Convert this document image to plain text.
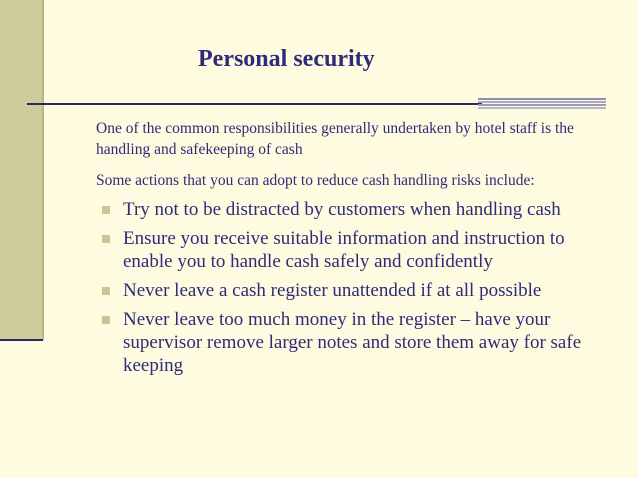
Personal security
One of the common responsibilities generally undertaken by hotel staff is the handling and safekeeping of cash
Some actions that you can adopt to reduce cash handling risks include:
Try not to be distracted by customers when handling cash
Ensure you receive suitable information and instruction to enable you to handle cash safely and confidently
Never leave a cash register unattended if at all possible
Never leave too much money in the register – have your supervisor remove larger notes and store them away for safe keeping
